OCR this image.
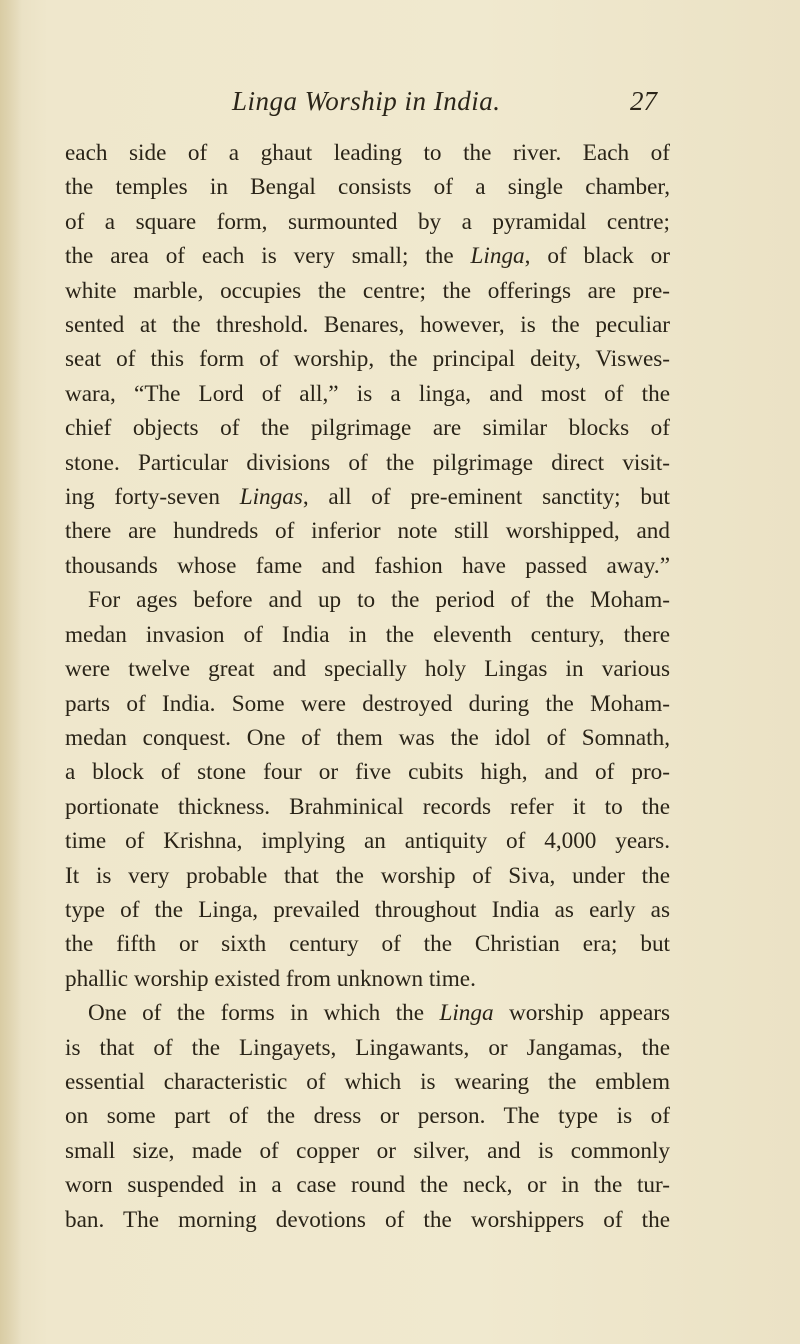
Linga Worship in India.	27
each side of a ghaut leading to the river. Each of
the temples in Bengal consists of a single chamber,
of a square form, surmounted by a pyramidal centre;
the area of each is very small; the Linga, of black or
white marble, occupies the centre; the offerings are pre-
sented at the threshold. Benares, however, is the peculiar
seat of this form of worship, the principal deity, Viswes-
wara, “The Lord of all,” is a linga, and most of the
chief objects of the pilgrimage are similar blocks of
stone. Particular divisions of the pilgrimage direct visit-
ing forty-seven Lingas, all of pre-eminent sanctity; but
there are hundreds of inferior note still worshipped, and
thousands whose fame and fashion have passed away.”
For ages before and up to the period of the Moham-
medan invasion of India in the eleventh century, there
were twelve great and specially holy Lingas in various
parts of India. Some were destroyed during the Moham-
medan conquest. One of them was the idol of Somnath,
a block of stone four or five cubits high, and of pro-
portionate thickness. Brahminical records refer it to the
time of Krishna, implying an antiquity of 4,000 years.
It is very probable that the worship of Siva, under the
type of the Linga, prevailed throughout India as early as
the fifth or sixth century of the Christian era; but
phallic worship existed from unknown time.
One of the forms in which the Linga worship appears
is that of the Lingayets, Lingawants, or Jangamas, the
essential characteristic of which is wearing the emblem
on some part of the dress or person. The type is of
small size, made of copper or silver, and is commonly
worn suspended in a case round the neck, or in the tur-
ban. The morning devotions of the worshippers of the
